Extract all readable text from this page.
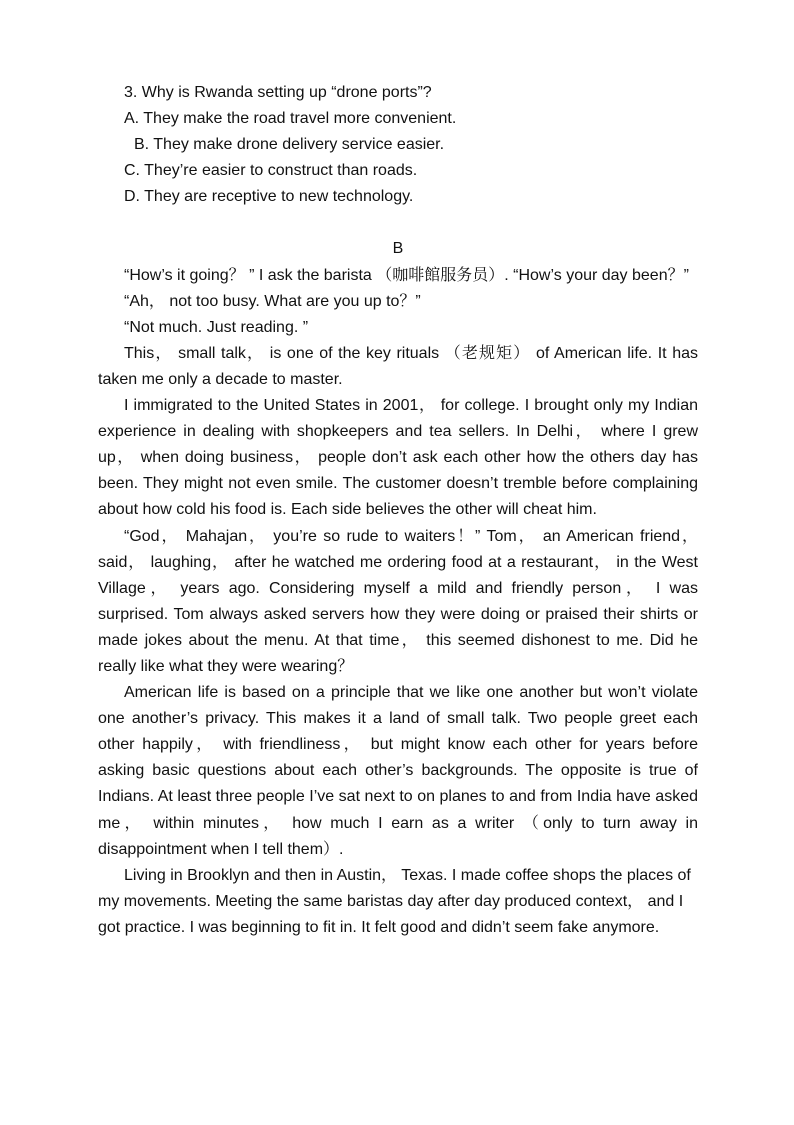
3. Why is Rwanda setting up “drone ports”?

A. They make the road travel more convenient.

B. They make drone delivery service easier.

C. They’re easier to construct than roads.

D. They are receptive to new technology.

B

“How’s it going？ ” I ask the barista （咖啡館服务员）. “How’s your day been？”

“Ah， not too busy. What are you up to？”

“Not much. Just reading. ”

This， small talk， is one of the key rituals （老规矩） of American life. It has taken me only a decade to master.

I immigrated to the United States in 2001， for college. I brought only my Indian experience in dealing with shopkeepers and tea sellers. In Delhi， where I grew up， when doing business， people don’t ask each other how the others day has been. They might not even smile. The customer doesn’t tremble before complaining about how cold his food is. Each side believes the other will cheat him.

“God， Mahajan， you’re so rude to waiters！” Tom， an American friend， said， laughing， after he watched me ordering food at a restaurant， in the West Village， years ago. Considering myself a mild and friendly person， I was surprised. Tom always asked servers how they were doing or praised their shirts or made jokes about the menu. At that time， this seemed dishonest to me. Did he really like what they were wearing？

American life is based on a principle that we like one another but won’t violate one another’s privacy. This makes it a land of small talk. Two people greet each other happily， with friendliness， but might know each other for years before asking basic questions about each other’s backgrounds. The opposite is true of Indians. At least three people I’ve sat next to on planes to and from India have asked me， within minutes， how much I earn as a writer （only to turn away in disappointment when I tell them）.

Living in Brooklyn and then in Austin， Texas. I made coffee shops the places of my movements. Meeting the same baristas day after day produced context， and I got practice. I was beginning to fit in. It felt good and didn’t seem fake anymore.
